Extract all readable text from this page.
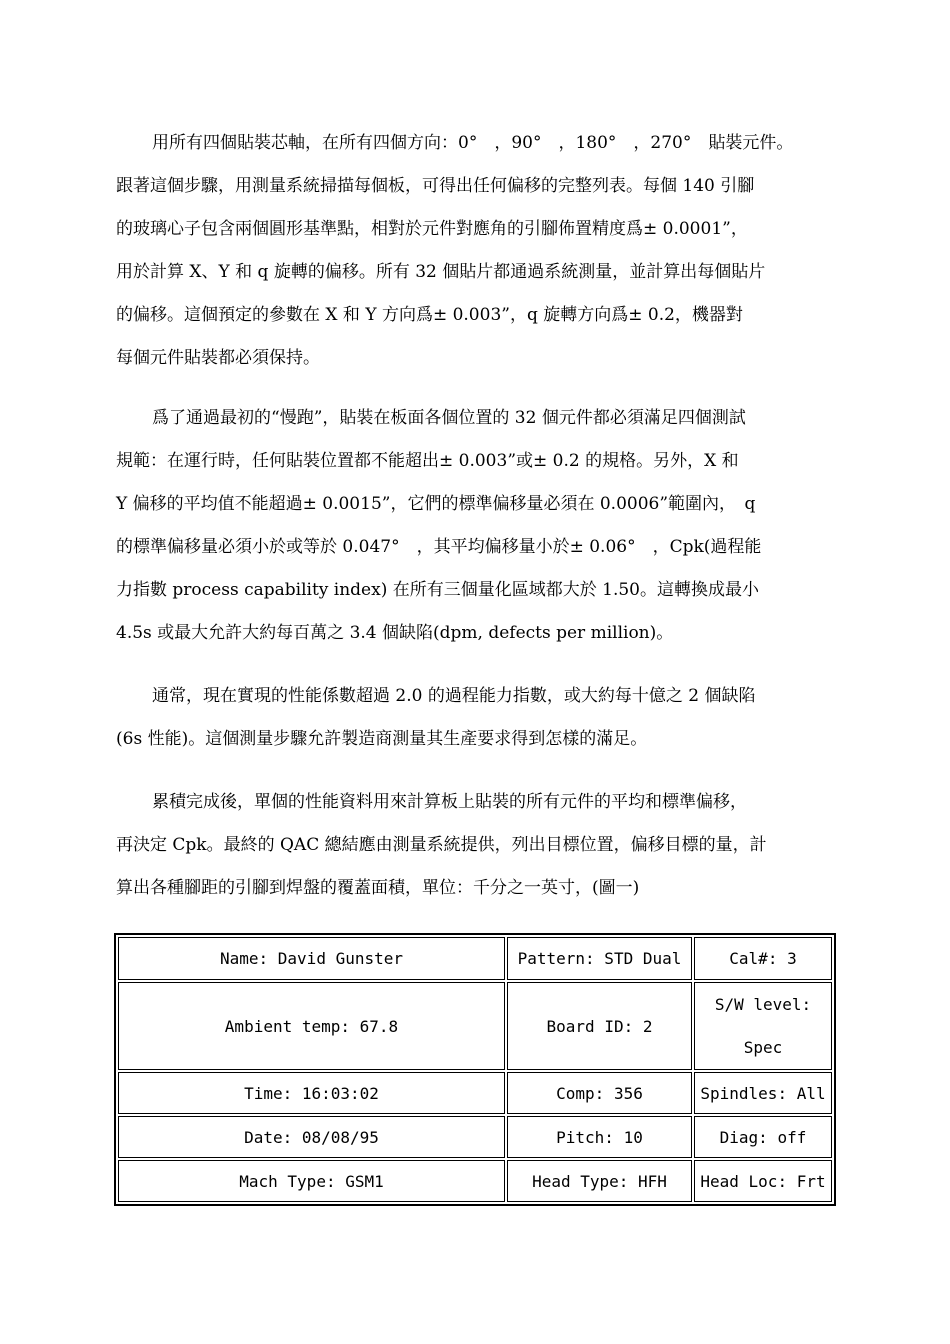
用所有四個貼裝芯軸，在所有四個方向：0°　，90°　，180°　，270°　貼裝元件。
跟著這個步驟，用測量系統掃描每個板，可得出任何偏移的完整列表。每個 140 引腳
的玻璃心子包含兩個圓形基準點，相對於元件對應角的引腳佈置精度爲± 0.0001”，
用於計算 X、Y 和 q 旋轉的偏移。所有 32 個貼片都通過系統測量，並計算出每個貼片
的偏移。這個預定的參數在 X 和 Y 方向爲± 0.003”，q 旋轉方向爲± 0.2，機器對
每個元件貼裝都必須保持。

爲了通過最初的“慢跑”，貼裝在板面各個位置的 32 個元件都必須滿足四個測試
規範：在運行時，任何貼裝位置都不能超出± 0.003”或± 0.2 的規格。另外，X 和
Y 偏移的平均值不能超過± 0.0015”，它們的標準偏移量必須在 0.0006”範圍內，　q
的標準偏移量必須小於或等於 0.047°　，其平均偏移量小於± 0.06°　，Cpk(過程能
力指數 process capability index) 在所有三個量化區域都大於 1.50。這轉換成最小
4.5s 或最大允許大約每百萬之 3.4 個缺陷(dpm, defects per million)。

通常，現在實現的性能係數超過 2.0 的過程能力指數，或大約每十億之 2 個缺陷
(6s 性能)。這個測量步驟允許製造商測量其生產要求得到怎樣的滿足。

累積完成後，單個的性能資料用來計算板上貼裝的所有元件的平均和標準偏移，
再決定 Cpk。最終的 QAC 總結應由測量系統提供，列出目標位置，偏移目標的量，計
算出各種腳距的引腳到焊盤的覆蓋面積，單位：千分之一英寸，(圖一)

Name: David Gunster	Pattern: STD Dual	Cal#: 3
Ambient temp: 67.8	Board ID: 2	S/W level:
Spec

Time: 16:03:02	Comp: 356	Spindles: All
Date: 08/08/95	Pitch: 10	Diag: off
Mach Type: GSM1	Head Type: HFH	Head Loc: Frt
